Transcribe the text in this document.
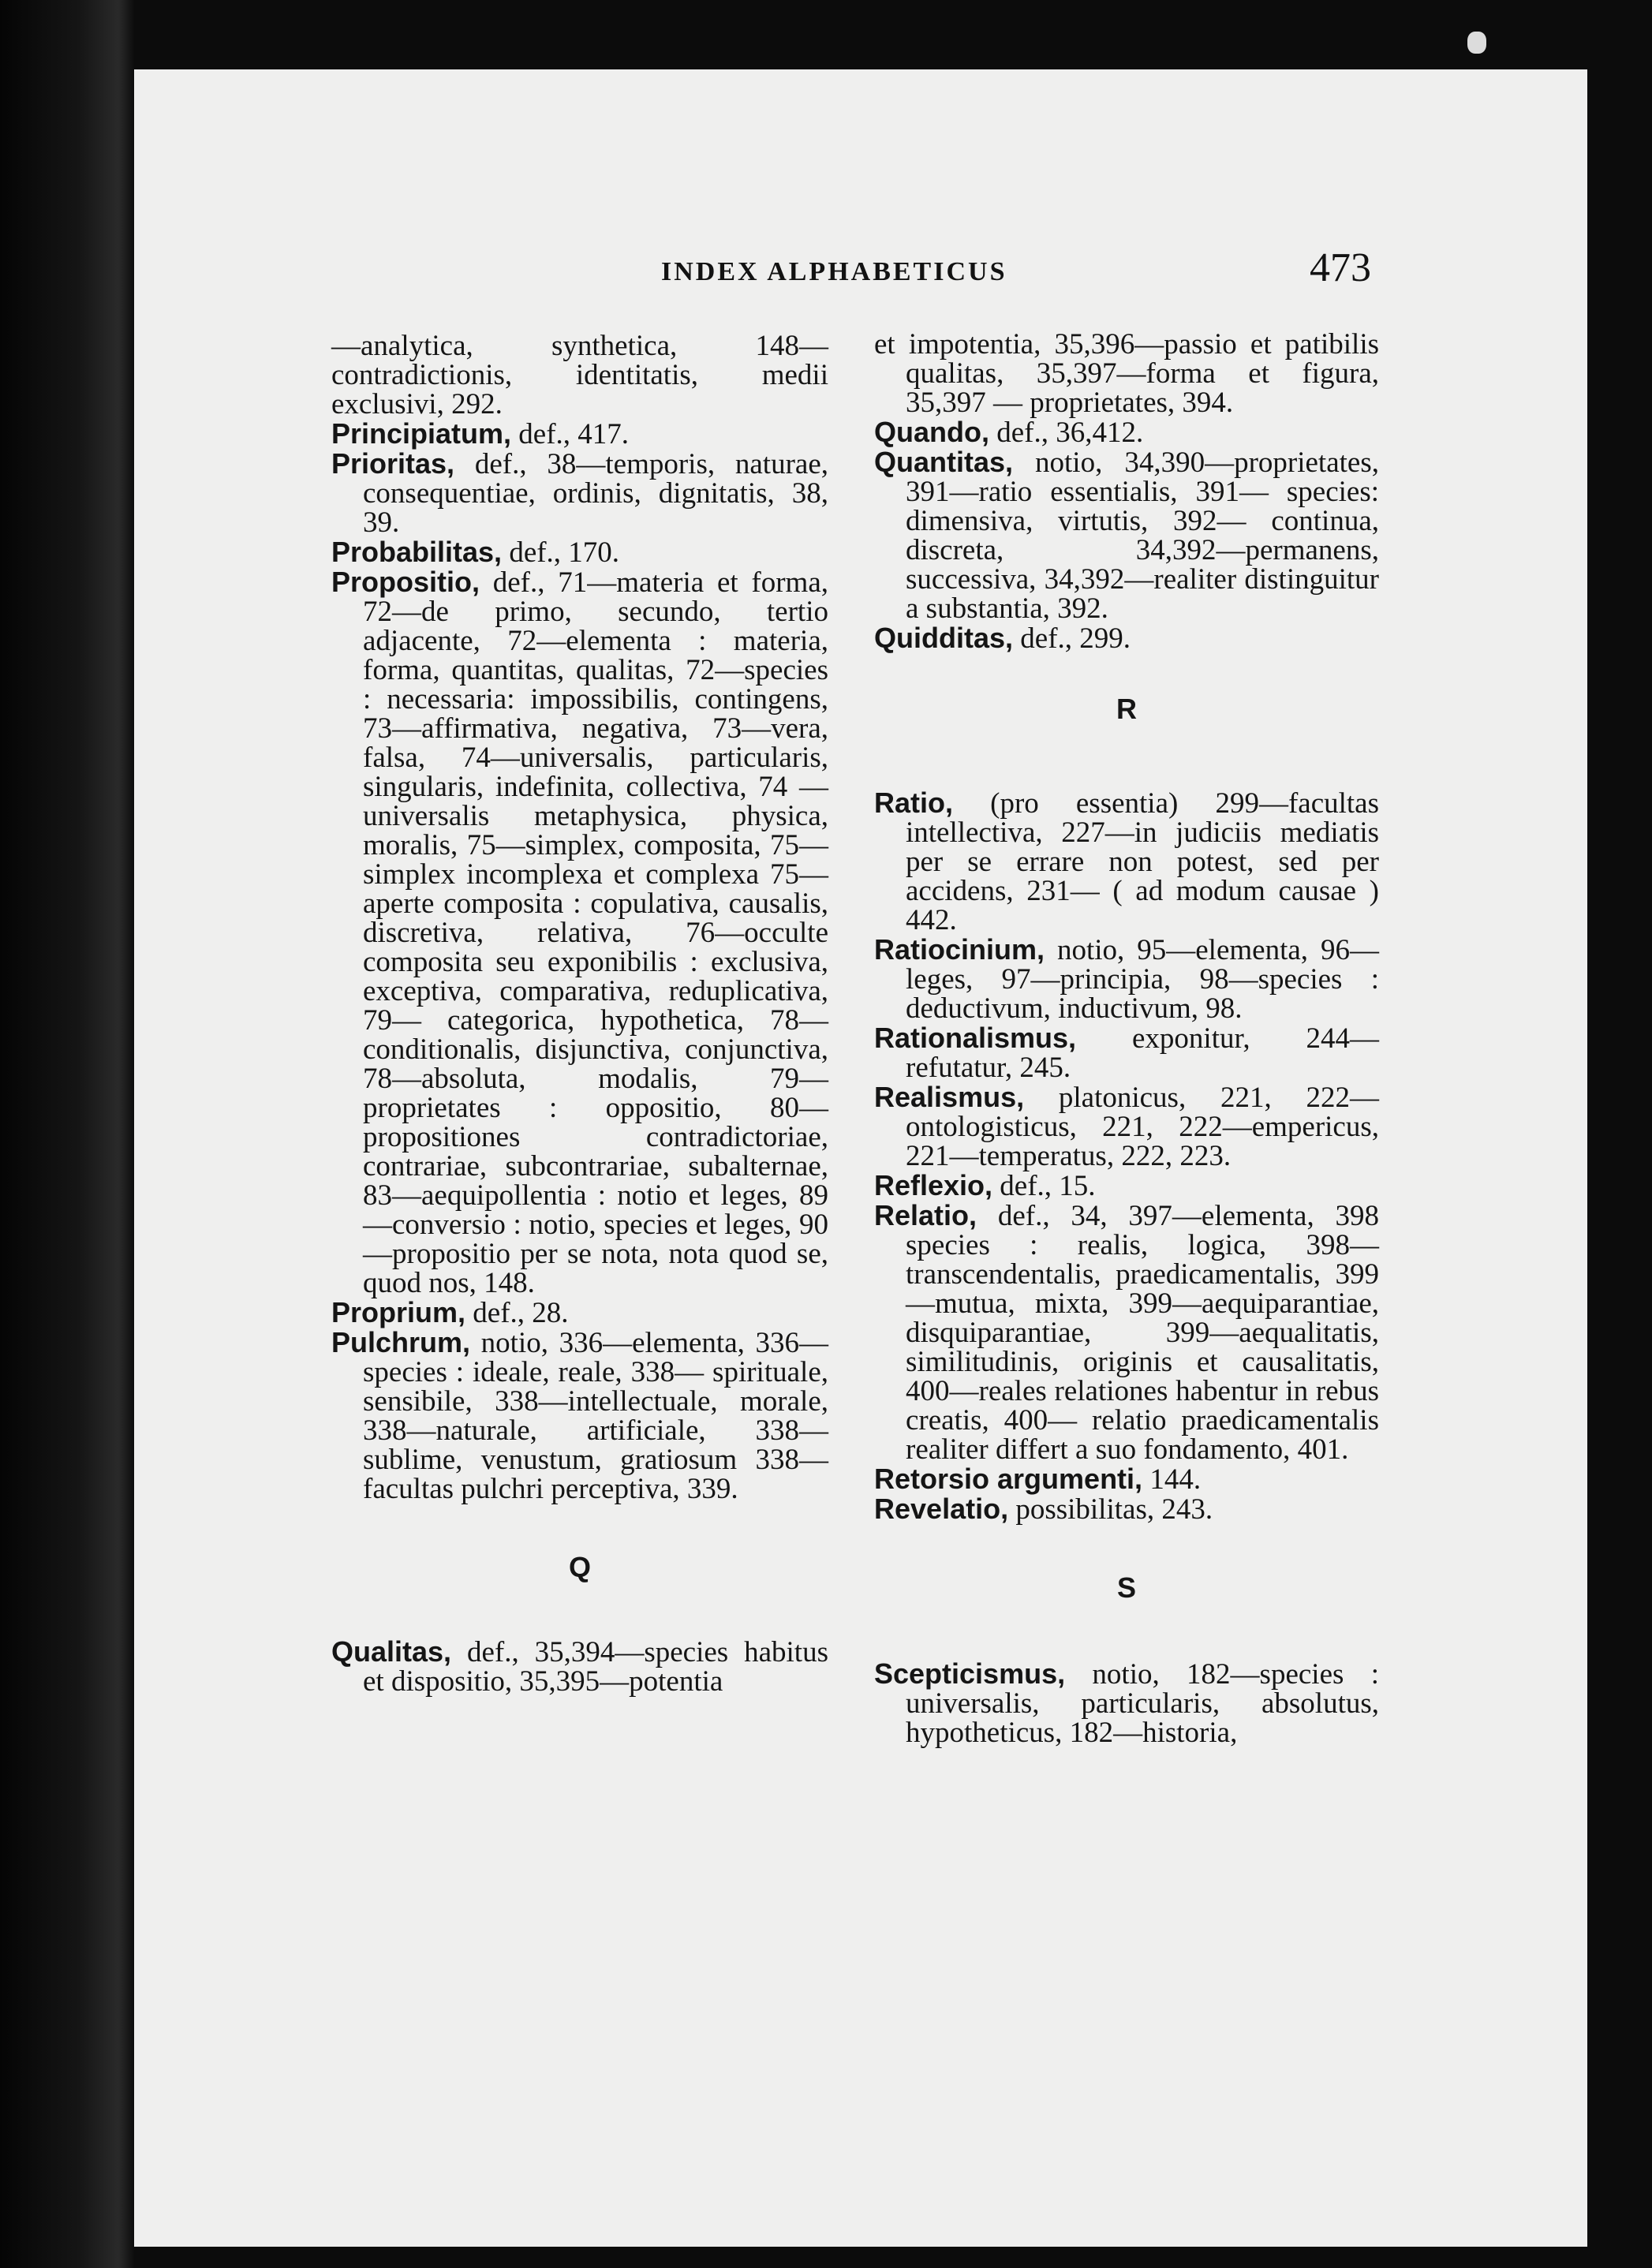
INDEX ALPHABETICUS	473

—analytica, synthetica, 148— contradictionis, identitatis, medii exclusivi, 292.

Principiatum, def., 417.

Prioritas, def., 38—temporis, naturae, consequentiae, ordinis, dignitatis, 38, 39.

Probabilitas, def., 170.

Propositio, def., 71—materia et forma, 72—de primo, secundo, tertio adjacente, 72—elementa : materia, forma, quantitas, qualitas, 72—species : necessaria: impossibilis, contingens, 73—affirmativa, negativa, 73—vera, falsa, 74—universalis, particularis, singularis, indefinita, collectiva, 74 —universalis metaphysica, physica, moralis, 75—simplex, composita, 75—simplex incomplexa et complexa 75—aperte composita : copulativa, causalis, discretiva, relativa, 76—occulte composita seu exponibilis : exclusiva, exceptiva, comparativa, reduplicativa, 79— categorica, hypothetica, 78—conditionalis, disjunctiva, conjunctiva, 78—absoluta, modalis, 79—proprietates : oppositio, 80—propositiones contradictoriae, contrariae, subcontrariae, subalternae, 83—aequipollentia : notio et leges, 89—conversio : notio, species et leges, 90—propositio per se nota, nota quod se, quod nos, 148.

Proprium, def., 28.

Pulchrum, notio, 336—elementa, 336—species : ideale, reale, 338— spirituale, sensibile, 338—intellectuale, morale, 338—naturale, artificiale, 338—sublime, venustum, gratiosum 338—facultas pulchri perceptiva, 339.

Q

Qualitas, def., 35,394—species habitus et dispositio, 35,395—potentia

et impotentia, 35,396—passio et patibilis qualitas, 35,397—forma et figura, 35,397 — proprietates, 394.

Quando, def., 36,412.

Quantitas, notio, 34,390—proprietates, 391—ratio essentialis, 391— species: dimensiva, virtutis, 392— continua, discreta, 34,392—permanens, successiva, 34,392—realiter distinguitur a substantia, 392.

Quidditas, def., 299.

R

Ratio, (pro essentia) 299—facultas intellectiva, 227—in judiciis mediatis per se errare non potest, sed per accidens, 231— ( ad modum causae ) 442.

Ratiocinium, notio, 95—elementa, 96—leges, 97—principia, 98—species : deductivum, inductivum, 98.

Rationalismus, exponitur, 244— refutatur, 245.

Realismus, platonicus, 221, 222— ontologisticus, 221, 222—empericus, 221—temperatus, 222, 223.

Reflexio, def., 15.

Relatio, def., 34, 397—elementa, 398 species : realis, logica, 398—transcendentalis, praedicamentalis, 399 —mutua, mixta, 399—aequiparantiae, disquiparantiae, 399—aequalitatis, similitudinis, originis et causalitatis, 400—reales relationes habentur in rebus creatis, 400— relatio praedicamentalis realiter differt a suo fondamento, 401.

Retorsio argumenti, 144.

Revelatio, possibilitas, 243.

S

Scepticismus, notio, 182—species : universalis, particularis, absolutus, hypotheticus, 182—historia,
